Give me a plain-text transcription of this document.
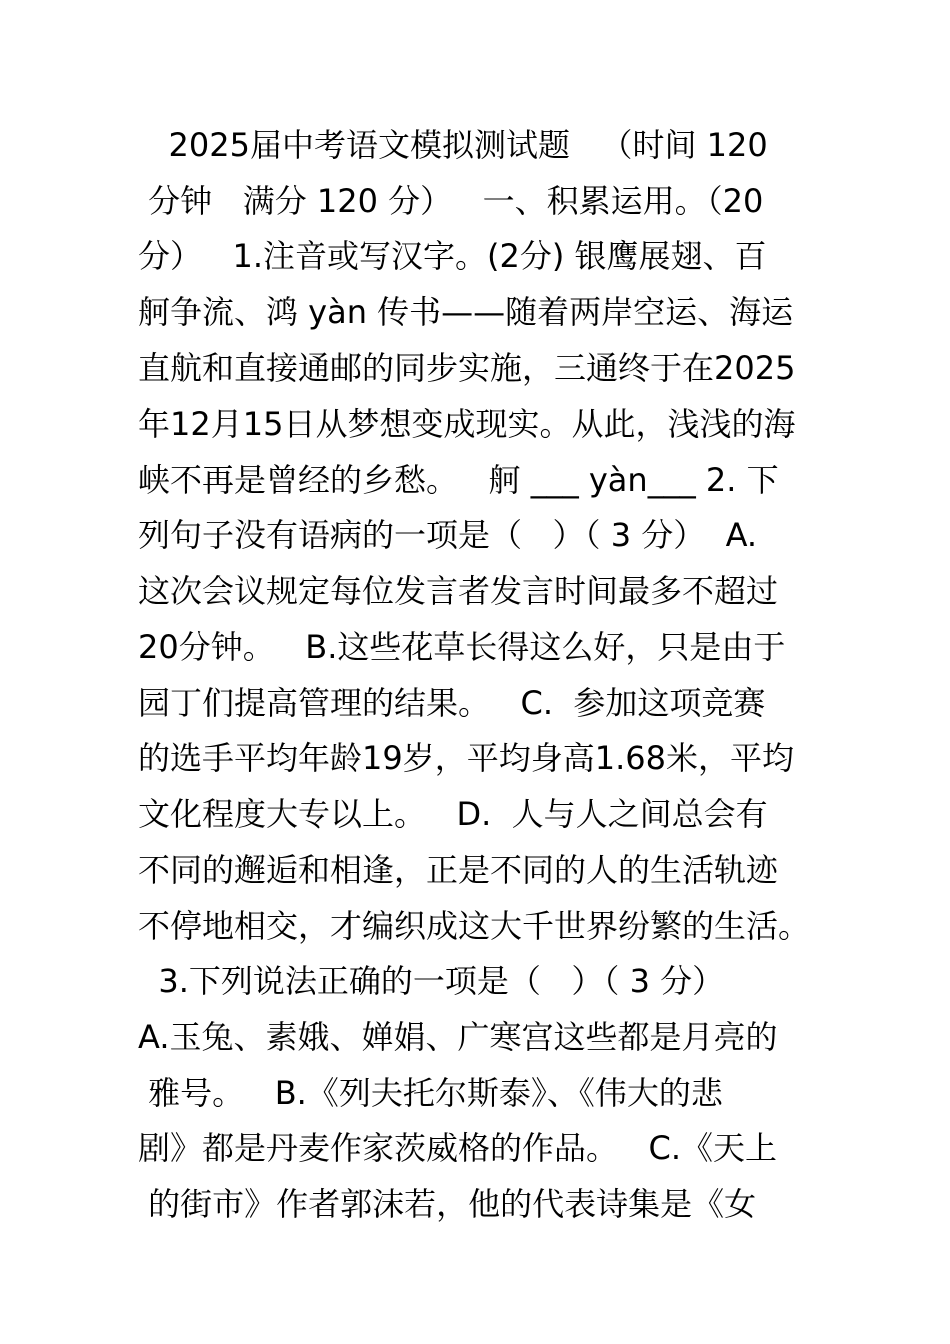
2025届中考语文模拟测试题   （时间 120
分钟   满分 120 分）   一、积累运用。（20
分）   1.注音或写汉字。(2分) 银鹰展翅、百
舸争流、鸿 yàn 传书——随着两岸空运、海运
直航和直接通邮的同步实施，三通终于在2025
年12月15日从梦想变成现实。从此，浅浅的海
峡不再是曾经的乡愁。   舸 ___ yàn___ 2. 下
列句子没有语病的一项是（   ）（ 3 分）  A.
这次会议规定每位发言者发言时间最多不超过
20分钟。   B.这些花草长得这么好，只是由于
园丁们提高管理的结果。   C.  参加这项竞赛
的选手平均年龄19岁，平均身高1.68米，平均
文化程度大专以上。   D.  人与人之间总会有
不同的邂逅和相逢，正是不同的人的生活轨迹
不停地相交，才编织成这大千世界纷繁的生活。
3.下列说法正确的一项是（   ）（ 3 分）
A.玉兔、素娥、婵娟、广寒宫这些都是月亮的
雅号。   B.《列夫托尔斯泰》、《伟大的悲
剧》都是丹麦作家茨威格的作品。   C.《天上
的街市》作者郭沫若，他的代表诗集是《女
